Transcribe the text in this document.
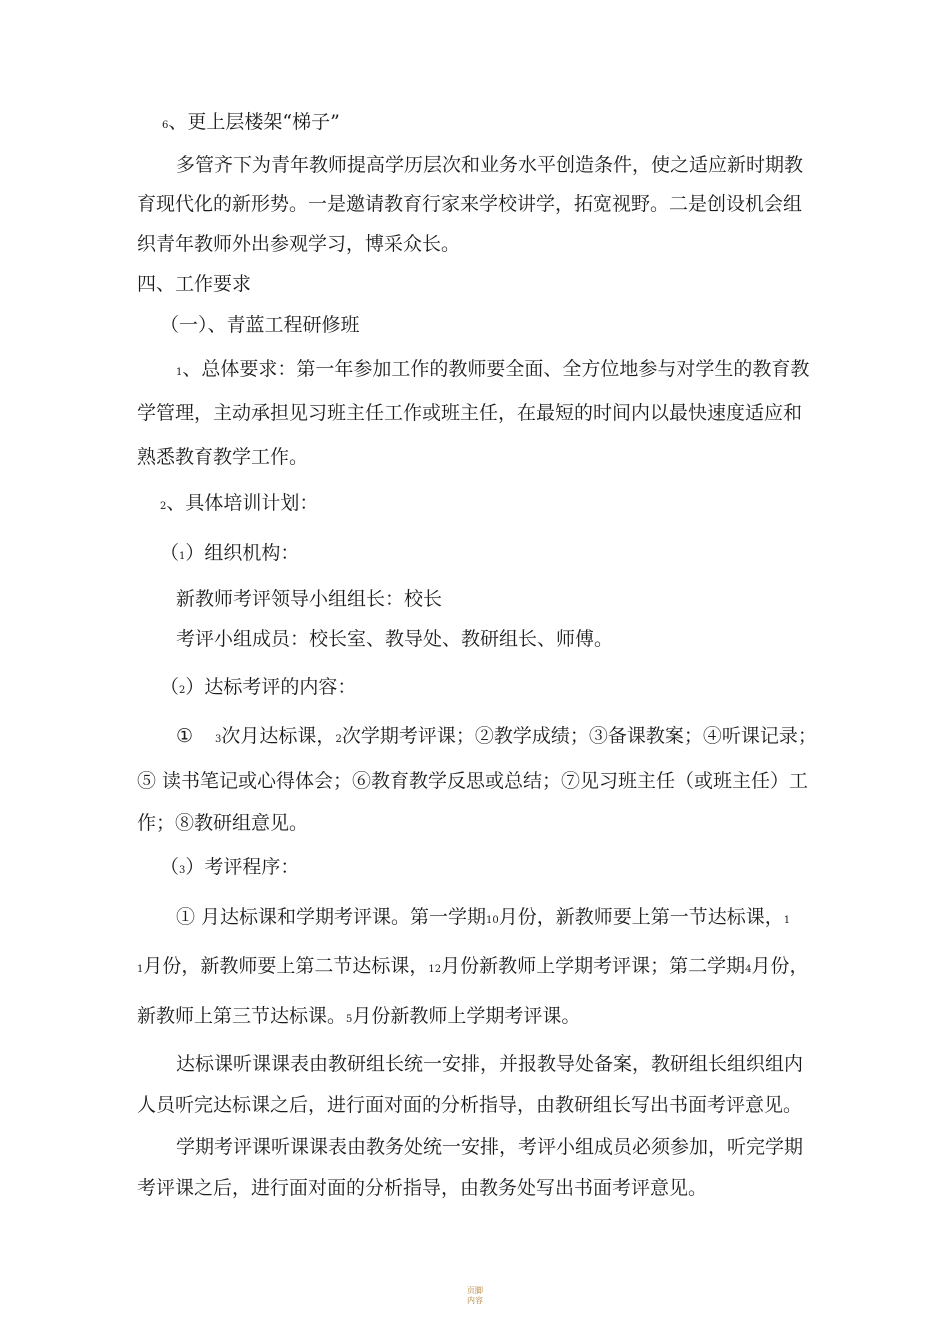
6、更上层楼架“梯子”
多管齐下为青年教师提高学历层次和业务水平创造条件，使之适应新时期教
育现代化的新形势。一是邀请教育行家来学校讲学，拓宽视野。二是创设机会组
织青年教师外出参观学习，博采众长。
四、工作要求
（一）、青蓝工程研修班
1、总体要求：第一年参加工作的教师要全面、全方位地参与对学生的教育教
学管理，主动承担见习班主任工作或班主任，在最短的时间内以最快速度适应和
熟悉教育教学工作。
2、具体培训计划：
（1）组织机构：
新教师考评领导小组组长：校长
考评小组成员：校长室、教导处、教研组长、师傅。
（2）达标考评的内容：
① 3次月达标课，2次学期考评课；②教学成绩；③备课教案；④听课记录；
⑤ 读书笔记或心得体会；⑥教育教学反思或总结；⑦见习班主任（或班主任）工
作；⑧教研组意见。
（3）考评程序：
① 月达标课和学期考评课。第一学期10月份，新教师要上第一节达标课，1
1月份，新教师要上第二节达标课，12月份新教师上学期考评课；第二学期4月份，
新教师上第三节达标课。5月份新教师上学期考评课。
达标课听课课表由教研组长统一安排，并报教导处备案，教研组长组织组内
人员听完达标课之后，进行面对面的分析指导，由教研组长写出书面考评意见。
学期考评课听课课表由教务处统一安排，考评小组成员必须参加，听完学期
考评课之后，进行面对面的分析指导，由教务处写出书面考评意见。
页脚
内容
